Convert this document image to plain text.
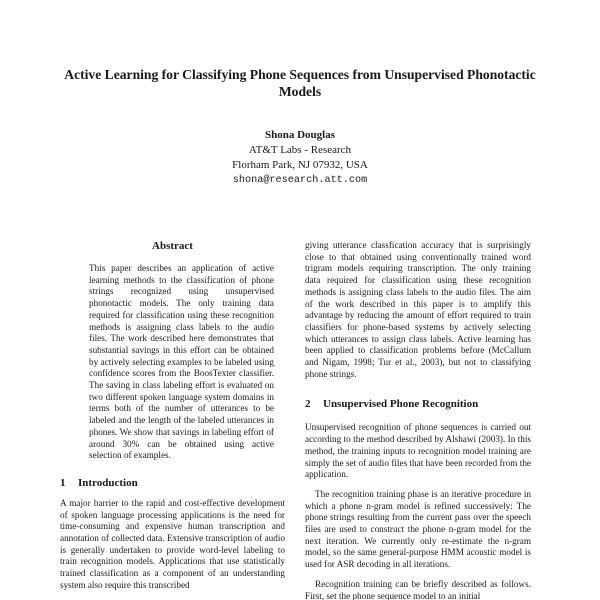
Active Learning for Classifying Phone Sequences from Unsupervised Phonotactic Models
Shona Douglas
AT&T Labs - Research
Florham Park, NJ 07932, USA
shona@research.att.com
Abstract

This paper describes an application of active learning methods to the classification of phone strings recognized using unsupervised phonotactic models. The only training data required for classification using these recognition methods is assigning class labels to the audio files. The work described here demonstrates that substantial savings in this effort can be obtained by actively selecting examples to be labeled using confidence scores from the BoosTexter classifier. The saving in class labeling effort is evaluated on two different spoken language system domains in terms both of the number of utterances to be labeled and the length of the labeled utterances in phones. We show that savings in labeling effort of around 30% can be obtained using active selection of examples.

1	Introduction

A major barrier to the rapid and cost-effective development of spoken language processing applications is the need for time-consuming and expensive human transcription and annotation of collected data. Extensive transcription of audio is generally undertaken to provide word-level labeling to train recognition models. Applications that use statistically trained classification as a component of an understanding system also require this transcribed

giving utterance classfication accuracy that is surprisingly close to that obtained using conventionally trained word trigram models requiring transcription. The only training data required for classification using these recognition methods is assigning class labels to the audio files. The aim of the work described in this paper is to amplify this advantage by reducing the amount of effort required to train classifiers for phone-based systems by actively selecting which utterances to assign class labels. Active learning has been applied to classification problems before (McCallum and Nigam, 1998; Tur et al., 2003), but not to classifying phone strings.

2	Unsupervised Phone Recognition

Unsupervised recognition of phone sequences is carried out according to the method described by Alshawi (2003). In this method, the training inputs to recognition model training are simply the set of audio files that have been recorded from the application.

The recognition training phase is an iterative procedure in which a phone n-gram model is refined successively: The phone strings resulting from the current pass over the speech files are used to construct the phone n-gram model for the next iteration. We currently only re-estimate the n-gram model, so the same general-purpose HMM acoustic model is used for ASR decoding in all iterations.

Recognition training can be briefly described as follows. First, set the phone sequence model to an initial
